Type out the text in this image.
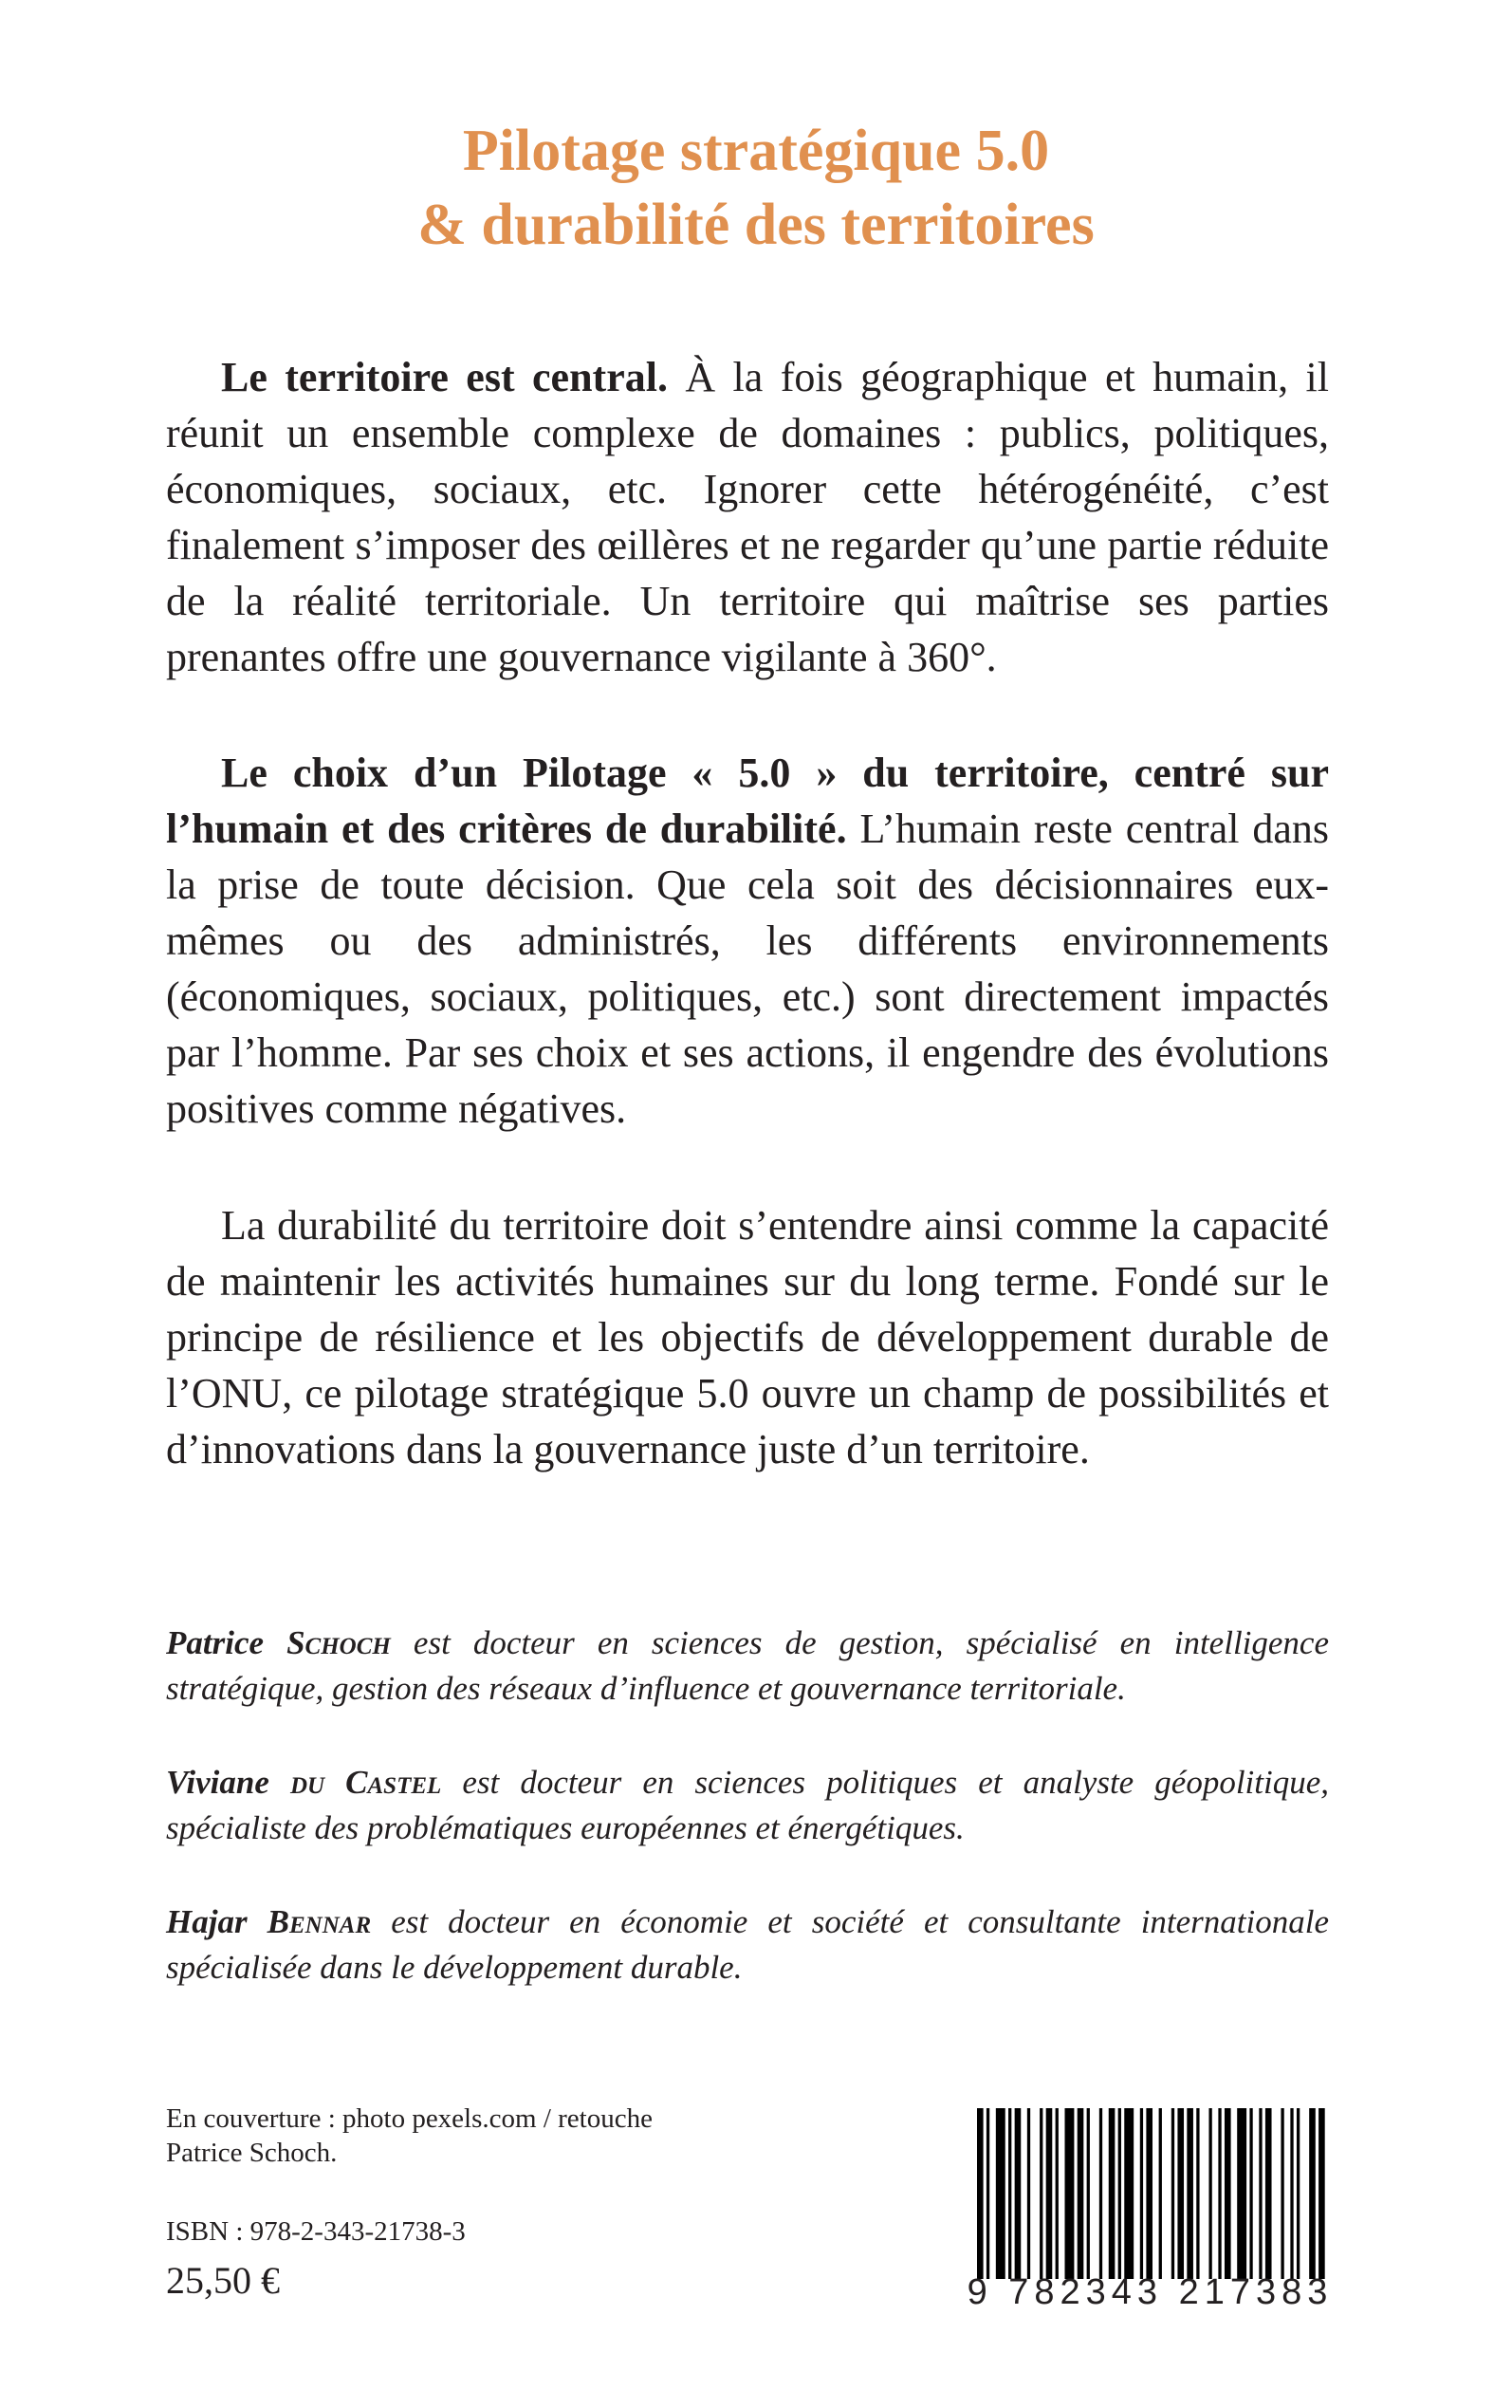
Pilotage stratégique 5.0
& durabilité des territoires

Le territoire est central. À la fois géographique et humain, il réunit un ensemble complexe de domaines : publics, politiques, économiques, sociaux, etc. Ignorer cette hétérogénéité, c’est finalement s’imposer des œillères et ne regarder qu’une partie réduite de la réalité territoriale. Un territoire qui maîtrise ses parties prenantes offre une gouvernance vigilante à 360°.

Le choix d’un Pilotage « 5.0 » du territoire, centré sur l’humain et des critères de durabilité. L’humain reste central dans la prise de toute décision. Que cela soit des décisionnaires eux-mêmes ou des administrés, les différents environnements (économiques, sociaux, politiques, etc.) sont directement impactés par l’homme. Par ses choix et ses actions, il engendre des évolutions positives comme négatives.

La durabilité du territoire doit s’entendre ainsi comme la capacité de maintenir les activités humaines sur du long terme. Fondé sur le principe de résilience et les objectifs de développement durable de l’ONU, ce pilotage stratégique 5.0 ouvre un champ de possibilités et d’innovations dans la gouvernance juste d’un territoire.

Patrice Schoch est docteur en sciences de gestion, spécialisé en intelligence stratégique, gestion des réseaux d’influence et gouvernance territoriale.

Viviane du Castel est docteur en sciences politiques et analyste géopolitique, spécialiste des problématiques européennes et énergétiques.

Hajar Bennar est docteur en économie et société et consultante internationale spécialisée dans le développement durable.

En couverture : photo pexels.com / retouche Patrice Schoch.

ISBN : 978-2-343-21738-3

25,50 €	9 782343 217383
